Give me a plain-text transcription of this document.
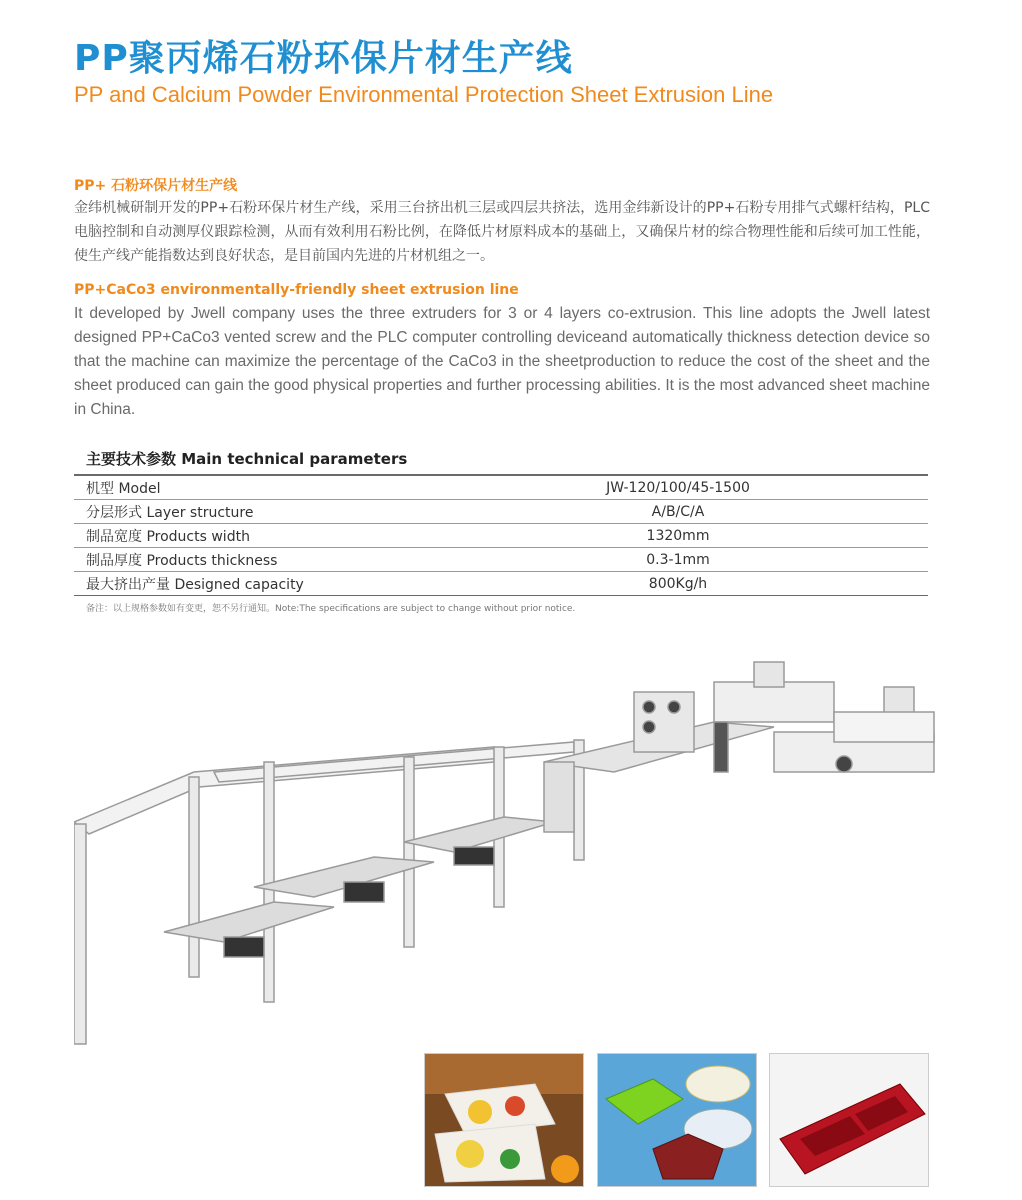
PP聚丙烯石粉环保片材生产线
PP and Calcium Powder Environmental Protection Sheet Extrusion Line
PP+ 石粉环保片材生产线
金纬机械研制开发的PP+石粉环保片材生产线，采用三台挤出机三层或四层共挤法，选用金纬新设计的PP+石粉专用排气式螺杆结构，PLC电脑控制和自动测厚仪跟踪检测，从而有效利用石粉比例，在降低片材原料成本的基础上，又确保片材的综合物理性能和后续可加工性能，使生产线产能指数达到良好状态，是目前国内先进的片材机组之一。
PP+CaCo3 environmentally-friendly sheet extrusion line
It developed by Jwell company uses the three extruders for 3 or 4 layers co-extrusion. This line adopts the Jwell latest designed PP+CaCo3 vented screw and the PLC computer controlling deviceand automatically thickness detection device so that the machine can maximize the percentage of the CaCo3 in the sheetproduction to reduce the cost of the sheet and the sheet produced can gain the good physical properties and further processing abilities. It is the most advanced sheet machine in China.
主要技术参数 Main technical parameters
机型 Model	JW-120/100/45-1500
分层形式 Layer structure	A/B/C/A
制品宽度 Products width	1320mm
制品厚度 Products thickness	0.3-1mm
最大挤出产量 Designed capacity	800Kg/h
备注：以上规格参数如有变更，恕不另行通知。Note:The specifications are subject to change without prior notice.
